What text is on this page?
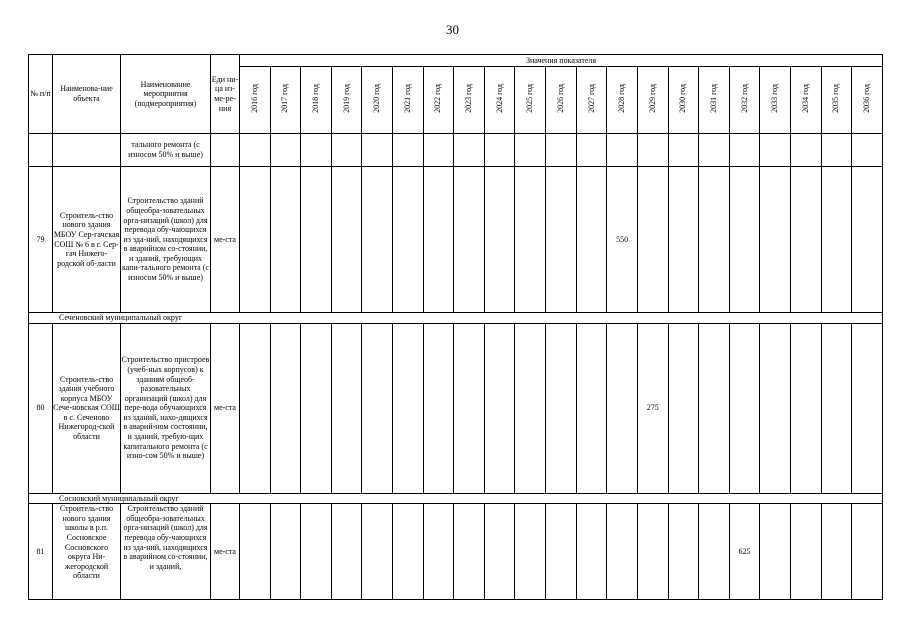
30
№ п/п	Наименова-ние объекта	Наименование мероприятия (подмероприятия)	Еди ни-ца из-ме-ре-ния	Значения показателя																				
				2016 год	2017 год	2018 год	2019 год	2020 год	2021 год	2022 год	2023 год	2024 год	2025 год	2026 год	2027 год	2028 год	2029 год	2030 год	2031 год	2032 год	2033 год	2034 год	2035 год	2036 год
		тального ремонта (с износом 50% и выше)																						
79	Строитель-ство нового здания МБОУ Сер-гачская СОШ № 6 в г. Сер-гач Нижего-родской об-ласти	Строительство зданий общеобра-зовательных орга-низаций (школ) для перевода обу-чающихся из зда-ний, находящихся в аварийном со-стоянии, и зданий, требующих капи-тального ремонта (с износом 50% и выше)	ме-ста													550								
Сеченовский муниципальный округ																								
80	Строитель-ство здания учебного корпуса МБОУ Сече-новская СОШ в с. Сеченово Нижегород-ской области	Строительство пристроев (учеб-ных корпусов) к зданиям общеоб-разовательных организаций (школ) для пере-вода обучающихся из зданий, нахо-дящихся в аварий-ном состоянии, и зданий, требую-щих капитального ремонта (с изно-сом 50% и выше)	ме-ста														275							
Сосновский муниципальный округ																								
81	Строитель-ство нового здания школы в р.п. Сосновское Сосновского округа Ни-жегородской области	Строительство зданий общеобра-зовательных орга-низаций (школ) для перевода обу-чающихся из зда-ний, находящихся в аварийном со-стоянии, и зданий,	ме-ста																	625				
